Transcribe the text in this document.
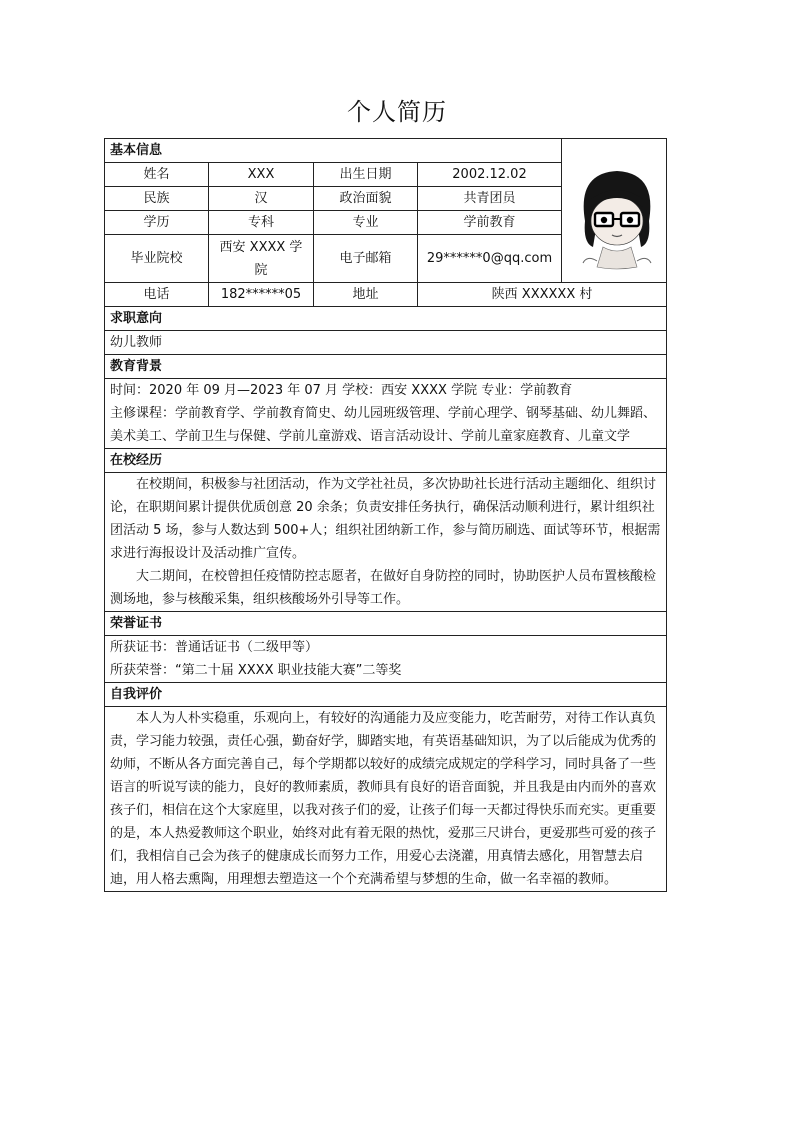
个人简历
基本信息	

姓名	XXX	出生日期	2002.12.02	
民族	汉	政治面貌	共青团员	
学历	专科	专业	学前教育	
毕业院校	西安 XXXX 学院	电子邮箱	29******0@qq.com	

电话	182******05	地址	陕西 XXXXXX 村	
求职意向				
幼儿教师				
教育背景				

时间：2020 年 09 月—2023 年 07 月 学校：西安 XXXX 学院 专业：学前教育

主修课程：学前教育学、学前教育简史、幼儿园班级管理、学前心理学、钢琴基础、幼儿舞蹈、美术美工、学前卫生与保健、学前儿童游戏、语言活动设计、学前儿童家庭教育、儿童文学				

在校经历				

在校期间，积极参与社团活动，作为文学社社员，多次协助社长进行活动主题细化、组织讨论，在职期间累计提供优质创意 20 余条；负责安排任务执行，确保活动顺利进行，累计组织社团活动 5 场，参与人数达到 500+人；组织社团纳新工作，参与简历刷选、面试等环节，根据需求进行海报设计及活动推广宣传。

大二期间，在校曾担任疫情防控志愿者，在做好自身防控的同时，协助医护人员布置核酸检测场地，参与核酸采集，组织核酸场外引导等工作。				

荣誉证书				

所获证书：普通话证书（二级甲等）

所获荣誉：“第二十届 XXXX 职业技能大赛”二等奖				

自我评价				

本人为人朴实稳重，乐观向上，有较好的沟通能力及应变能力，吃苦耐劳，对待工作认真负责，学习能力较强，责任心强，勤奋好学，脚踏实地，有英语基础知识，为了以后能成为优秀的幼师，不断从各方面完善自己，每个学期都以较好的成绩完成规定的学科学习，同时具备了一些语言的听说写读的能力，良好的教师素质，教师具有良好的语音面貌，并且我是由内而外的喜欢孩子们，相信在这个大家庭里，以我对孩子们的爱，让孩子们每一天都过得快乐而充实。更重要的是，本人热爱教师这个职业，始终对此有着无限的热忱，爱那三尺讲台，更爱那些可爱的孩子们，我相信自己会为孩子的健康成长而努力工作，用爱心去浇灌，用真情去感化，用智慧去启迪，用人格去熏陶，用理想去塑造这一个个充满希望与梦想的生命，做一名幸福的教师。				
